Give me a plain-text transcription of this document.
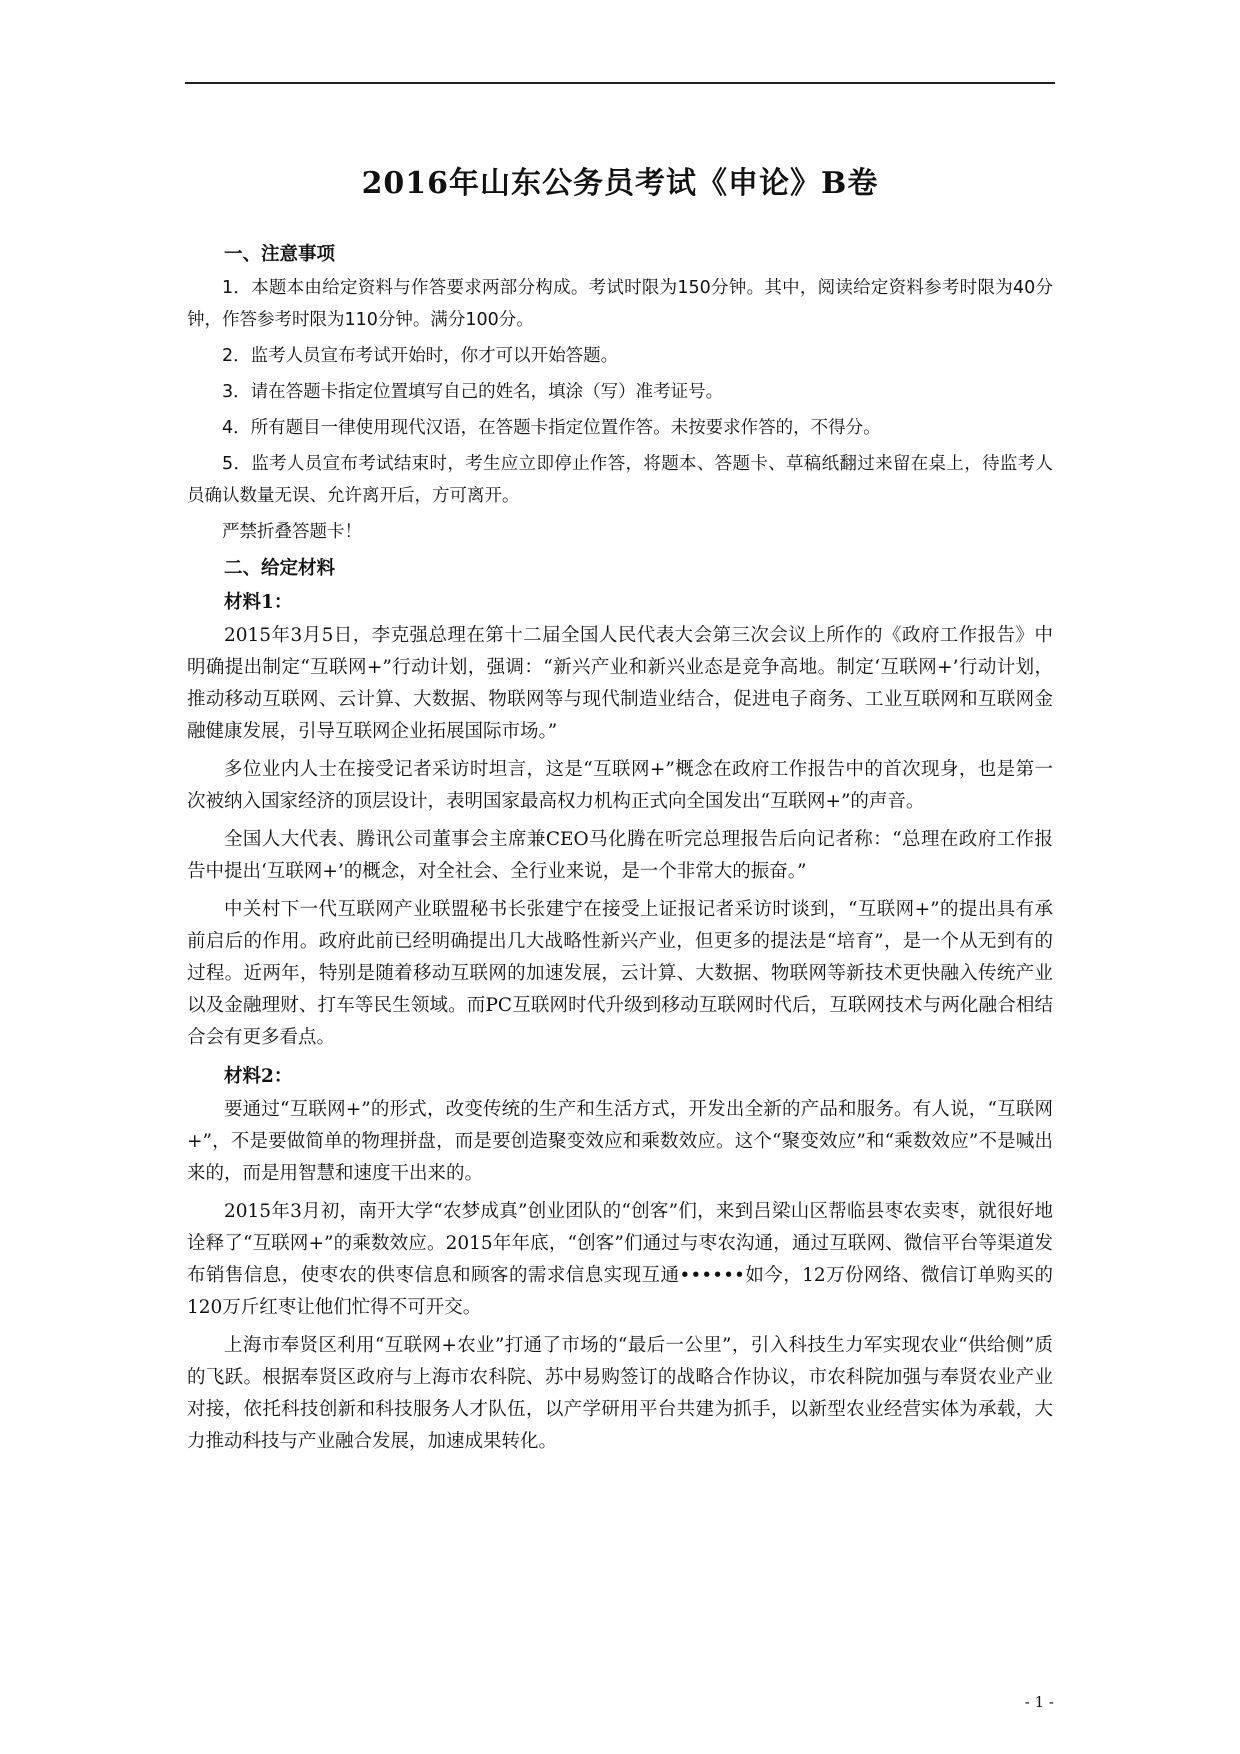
2016年山东公务员考试《申论》B卷
一、注意事项

1．本题本由给定资料与作答要求两部分构成。考试时限为150分钟。其中，阅读给定资料参考时限为40分钟，作答参考时限为110分钟。满分100分。

2．监考人员宣布考试开始时，你才可以开始答题。

3．请在答题卡指定位置填写自己的姓名，填涂（写）准考证号。

4．所有题目一律使用现代汉语，在答题卡指定位置作答。未按要求作答的，不得分。

5．监考人员宣布考试结束时，考生应立即停止作答，将题本、答题卡、草稿纸翻过来留在桌上，待监考人员确认数量无误、允许离开后，方可离开。

严禁折叠答题卡！

二、给定材料
材料1：

2015年3月5日，李克强总理在第十二届全国人民代表大会第三次会议上所作的《政府工作报告》中明确提出制定“互联网+”行动计划，强调：“新兴产业和新兴业态是竞争高地。制定‘互联网+’行动计划，推动移动互联网、云计算、大数据、物联网等与现代制造业结合，促进电子商务、工业互联网和互联网金融健康发展，引导互联网企业拓展国际市场。”

多位业内人士在接受记者采访时坦言，这是“互联网+”概念在政府工作报告中的首次现身，也是第一次被纳入国家经济的顶层设计，表明国家最高权力机构正式向全国发出“互联网+”的声音。

全国人大代表、腾讯公司董事会主席兼CEO马化腾在听完总理报告后向记者称：“总理在政府工作报告中提出‘互联网+’的概念，对全社会、全行业来说，是一个非常大的振奋。”

中关村下一代互联网产业联盟秘书长张建宁在接受上证报记者采访时谈到，“互联网+”的提出具有承前启后的作用。政府此前已经明确提出几大战略性新兴产业，但更多的提法是“培育”，是一个从无到有的过程。近两年，特别是随着移动互联网的加速发展，云计算、大数据、物联网等新技术更快融入传统产业以及金融理财、打车等民生领域。而PC互联网时代升级到移动互联网时代后，互联网技术与两化融合相结合会有更多看点。

材料2：

要通过“互联网+”的形式，改变传统的生产和生活方式，开发出全新的产品和服务。有人说，“互联网+”，不是要做简单的物理拼盘，而是要创造聚变效应和乘数效应。这个“聚变效应”和“乘数效应”不是喊出来的，而是用智慧和速度干出来的。

2015年3月初，南开大学“农梦成真”创业团队的“创客”们，来到吕梁山区帮临县枣农卖枣，就很好地诠释了“互联网+”的乘数效应。2015年年底，“创客”们通过与枣农沟通，通过互联网、微信平台等渠道发布销售信息，使枣农的供枣信息和顾客的需求信息实现互通••••••如今，12万份网络、微信订单购买的120万斤红枣让他们忙得不可开交。

上海市奉贤区利用“互联网+农业”打通了市场的“最后一公里”，引入科技生力军实现农业“供给侧”质的飞跃。根据奉贤区政府与上海市农科院、苏中易购签订的战略合作协议，市农科院加强与奉贤农业产业对接，依托科技创新和科技服务人才队伍，以产学研用平台共建为抓手，以新型农业经营实体为承载，大力推动科技与产业融合发展，加速成果转化。

- 1 -
